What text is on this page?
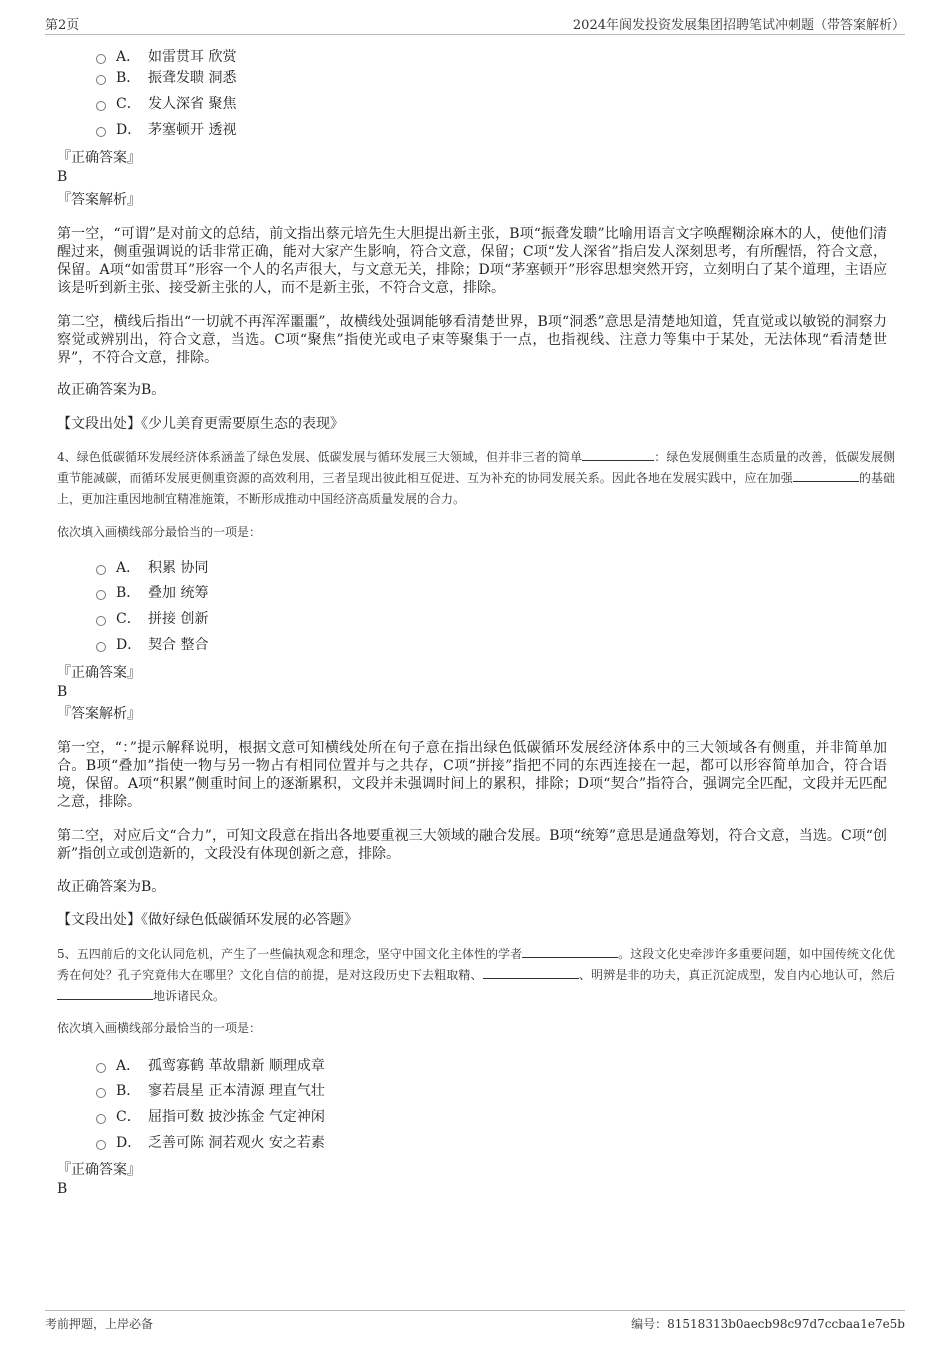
第2页	2024年阆发投资发展集团招聘笔试冲刺题（带答案解析）
A． 如雷贯耳 欣赏
B． 振聋发聩 洞悉
C． 发人深省 聚焦
D． 茅塞顿开 透视
『正确答案』
B
『答案解析』
第一空，“可谓”是对前文的总结，前文指出蔡元培先生大胆提出新主张，B项“振聋发聩”比喻用语言文字唤醒糊涂麻木的人，使他们清醒过来，侧重强调说的话非常正确，能对大家产生影响，符合文意，保留；C项“发人深省”指启发人深刻思考，有所醒悟，符合文意，保留。A项“如雷贯耳”形容一个人的名声很大，与文意无关，排除；D项“茅塞顿开”形容思想突然开窍，立刻明白了某个道理，主语应该是听到新主张、接受新主张的人，而不是新主张，不符合文意，排除。
第二空，横线后指出“一切就不再浑浑噩噩”，故横线处强调能够看清楚世界，B项“洞悉”意思是清楚地知道，凭直觉或以敏锐的洞察力察觉或辨别出，符合文意，当选。C项“聚焦”指使光或电子束等聚集于一点，也指视线、注意力等集中于某处，无法体现“看清楚世界”，不符合文意，排除。
故正确答案为B。
【文段出处】《少儿美育更需要原生态的表现》
4、绿色低碳循环发展经济体系涵盖了绿色发展、低碳发展与循环发展三大领域，但并非三者的简单	：绿色发展侧重生态质量的改善，低碳发展侧重节能减碳，而循环发展更侧重资源的高效利用，三者呈现出彼此相互促进、互为补充的协同发展关系。因此各地在发展实践中，应在加强	的基础上，更加注重因地制宜精准施策，不断形成推动中国经济高质量发展的合力。
依次填入画横线部分最恰当的一项是：
A． 积累 协同
B． 叠加 统筹
C． 拼接 创新
D． 契合 整合
『正确答案』
B
『答案解析』
第一空，“：”提示解释说明，根据文意可知横线处所在句子意在指出绿色低碳循环发展经济体系中的三大领域各有侧重，并非简单加合。B项“叠加”指使一物与另一物占有相同位置并与之共存，C项“拼接”指把不同的东西连接在一起，都可以形容简单加合，符合语境，保留。A项“积累”侧重时间上的逐渐累积，文段并未强调时间上的累积，排除；D项“契合”指符合，强调完全匹配，文段并无匹配之意，排除。
第二空，对应后文“合力”，可知文段意在指出各地要重视三大领域的融合发展。B项“统筹”意思是通盘筹划，符合文意，当选。C项“创新”指创立或创造新的，文段没有体现创新之意，排除。
故正确答案为B。
【文段出处】《做好绿色低碳循环发展的必答题》
5、五四前后的文化认同危机，产生了一些偏执观念和理念，坚守中国文化主体性的学者	。这段文化史牵涉许多重要问题，如中国传统文化优秀在何处？孔子究竟伟大在哪里？文化自信的前提，是对这段历史下去粗取精、	、明辨是非的功夫，真正沉淀成型，发自内心地认可，然后地诉诸民众。
依次填入画横线部分最恰当的一项是：
A． 孤鸾寡鹤 革故鼎新 顺理成章
B． 寥若晨星 正本清源 理直气壮
C． 屈指可数 披沙拣金 气定神闲
D． 乏善可陈 洞若观火 安之若素
『正确答案』
B
考前押题，上岸必备	编号：81518313b0aecb98c97d7ccbaa1e7e5b
